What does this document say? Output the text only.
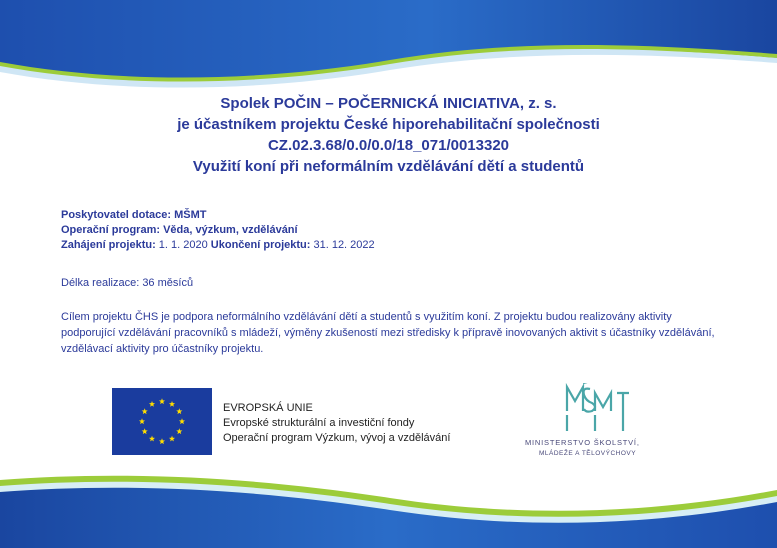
Spolek POČIN – POČERNICKÁ INICIATIVA, z. s.
je účastníkem projektu České hiporehabilitační společnosti
CZ.02.3.68/0.0/0.0/18_071/0013320
Využití koní při neformálním vzdělávání dětí a studentů
Poskytovatel dotace: MŠMT
Operační program: Věda, výzkum, vzdělávání
Zahájení projektu: 1. 1. 2020 Ukončení projektu: 31. 12. 2022
Délka realizace: 36 měsíců
Cílem projektu ČHS je podpora neformálního vzdělávání dětí a studentů s využitím koní. Z projektu budou realizovány aktivity podporující vzdělávání pracovníků s mládeží, výměny zkušeností mezi středisky k přípravě inovovaných aktivit s účastníky vzdělávání, vzdělávací aktivity pro účastníky projektu.
EVROPSKÁ UNIE
Evropské strukturální a investiční fondy
Operační program Výzkum, vývoj a vzdělávání	MINISTERSTVO ŠKOLSTVÍ,
MLÁDEŽE A TĚLOVÝCHOVY
